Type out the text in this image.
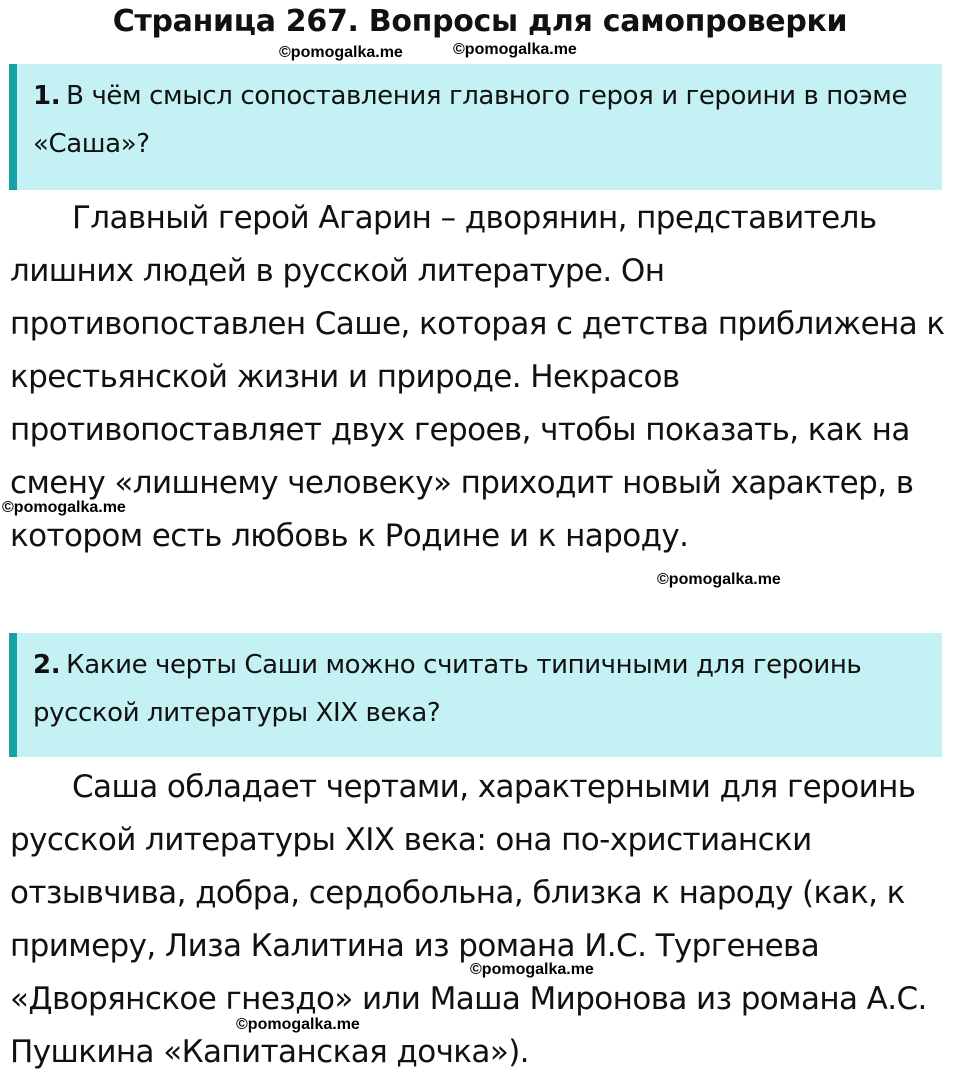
Страница 267. Вопросы для самопроверки
©pomogalka.me	©pomogalka.me
1. В чём смысл сопоставления главного героя и героини в поэме «Саша»?

Главный герой Агарин – дворянин, представитель лишних людей в русской литературе. Он противопоставлен Саше, которая с детства приближена к крестьянской жизни и природе. Некрасов противопоставляет двух героев, чтобы показать, как на смену «лишнему человеку» приходит новый характер, в котором есть любовь к Родине и к народу.

©pomogalka.me
©pomogalka.me
2. Какие черты Саши можно считать типичными для героинь русской литературы XIX века?

Саша обладает чертами, характерными для героинь русской литературы XIX века: она по-христиански отзывчива, добра, сердобольна, близка к народу (как, к примеру, Лиза Калитина из романа И.С. Тургенева «Дворянское гнездо» или Маша Миронова из романа А.С. Пушкина «Капитанская дочка»).

©pomogalka.me
©pomogalka.me
